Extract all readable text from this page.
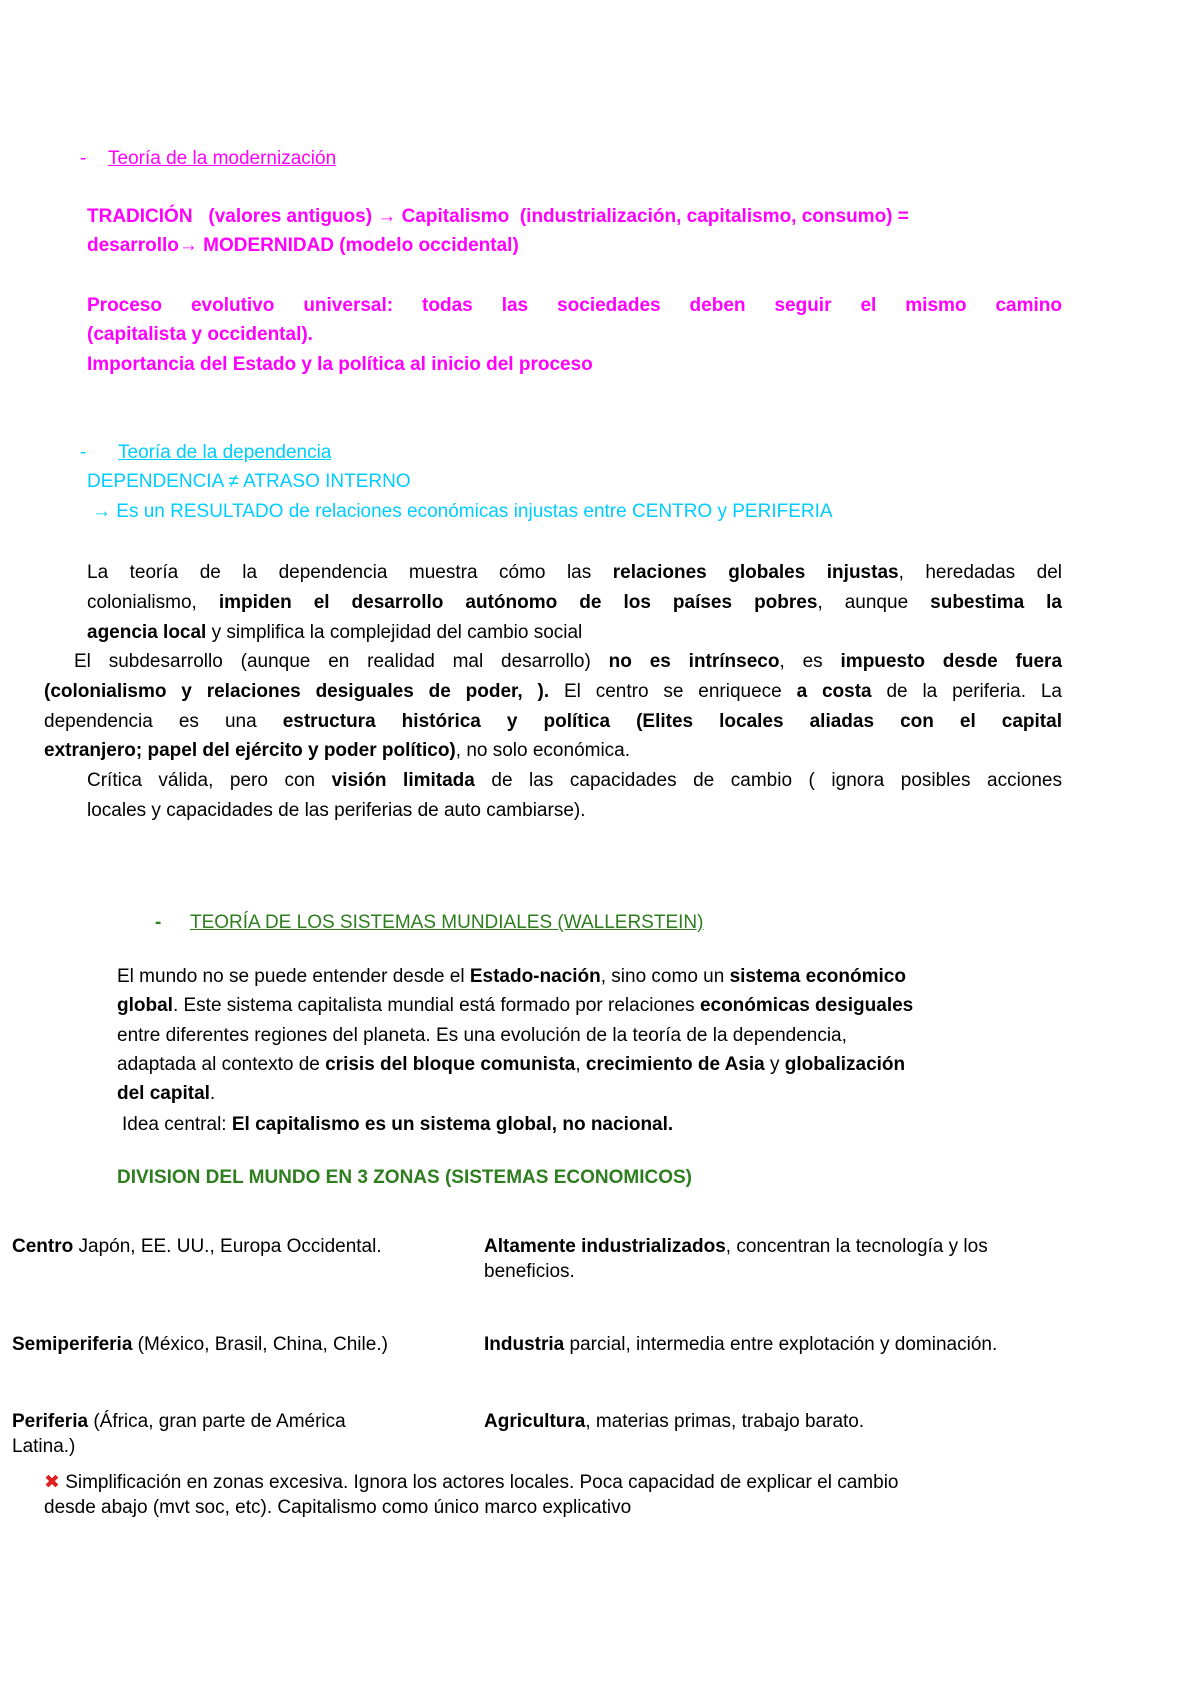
- Teoría de la modernización
TRADICIÓN   (valores antiguos) → Capitalismo  (industrialización, capitalismo, consumo) =
desarrollo→ MODERNIDAD (modelo occidental)
Proceso evolutivo universal: todas las sociedades deben seguir el mismo camino
(capitalista y occidental).
Importancia del Estado y la política al inicio del proceso
- Teoría de la dependencia
DEPENDENCIA ≠ ATRASO INTERNO
→ Es un RESULTADO de relaciones económicas injustas entre CENTRO y PERIFERIA
La teoría de la dependencia muestra cómo las relaciones globales injustas, heredadas del
colonialismo, impiden el desarrollo autónomo de los países pobres, aunque subestima la
agencia local y simplifica la complejidad del cambio social
El subdesarrollo (aunque en realidad mal desarrollo) no es intrínseco, es impuesto desde fuera
(colonialismo y relaciones desiguales de poder, ). El centro se enriquece a costa de la periferia. La
dependencia es una estructura histórica y política (Elites locales aliadas con el capital
extranjero; papel del ejército y poder político), no solo económica.
Crítica válida, pero con visión limitada de las capacidades de cambio ( ignora posibles acciones
locales y capacidades de las periferias de auto cambiarse).
- TEORÍA DE LOS SISTEMAS MUNDIALES (WALLERSTEIN)
El mundo no se puede entender desde el Estado-nación, sino como un sistema económico
global. Este sistema capitalista mundial está formado por relaciones económicas desiguales
entre diferentes regiones del planeta. Es una evolución de la teoría de la dependencia,
adaptada al contexto de crisis del bloque comunista, crecimiento de Asia y globalización
del capital.
Idea central: El capitalismo es un sistema global, no nacional.
DIVISION DEL MUNDO EN 3 ZONAS (SISTEMAS ECONOMICOS)
Centro Japón, EE. UU., Europa Occidental.	Altamente industrializados, concentran la tecnología y los
beneficios.
Semiperiferia (México, Brasil, China, Chile.)	Industria parcial, intermedia entre explotación y dominación.
Periferia (África, gran parte de América
Latina.)
Agricultura, materias primas, trabajo barato.
✖ Simplificación en zonas excesiva. Ignora los actores locales. Poca capacidad de explicar el cambio
desde abajo (mvt soc, etc). Capitalismo como único marco explicativo
